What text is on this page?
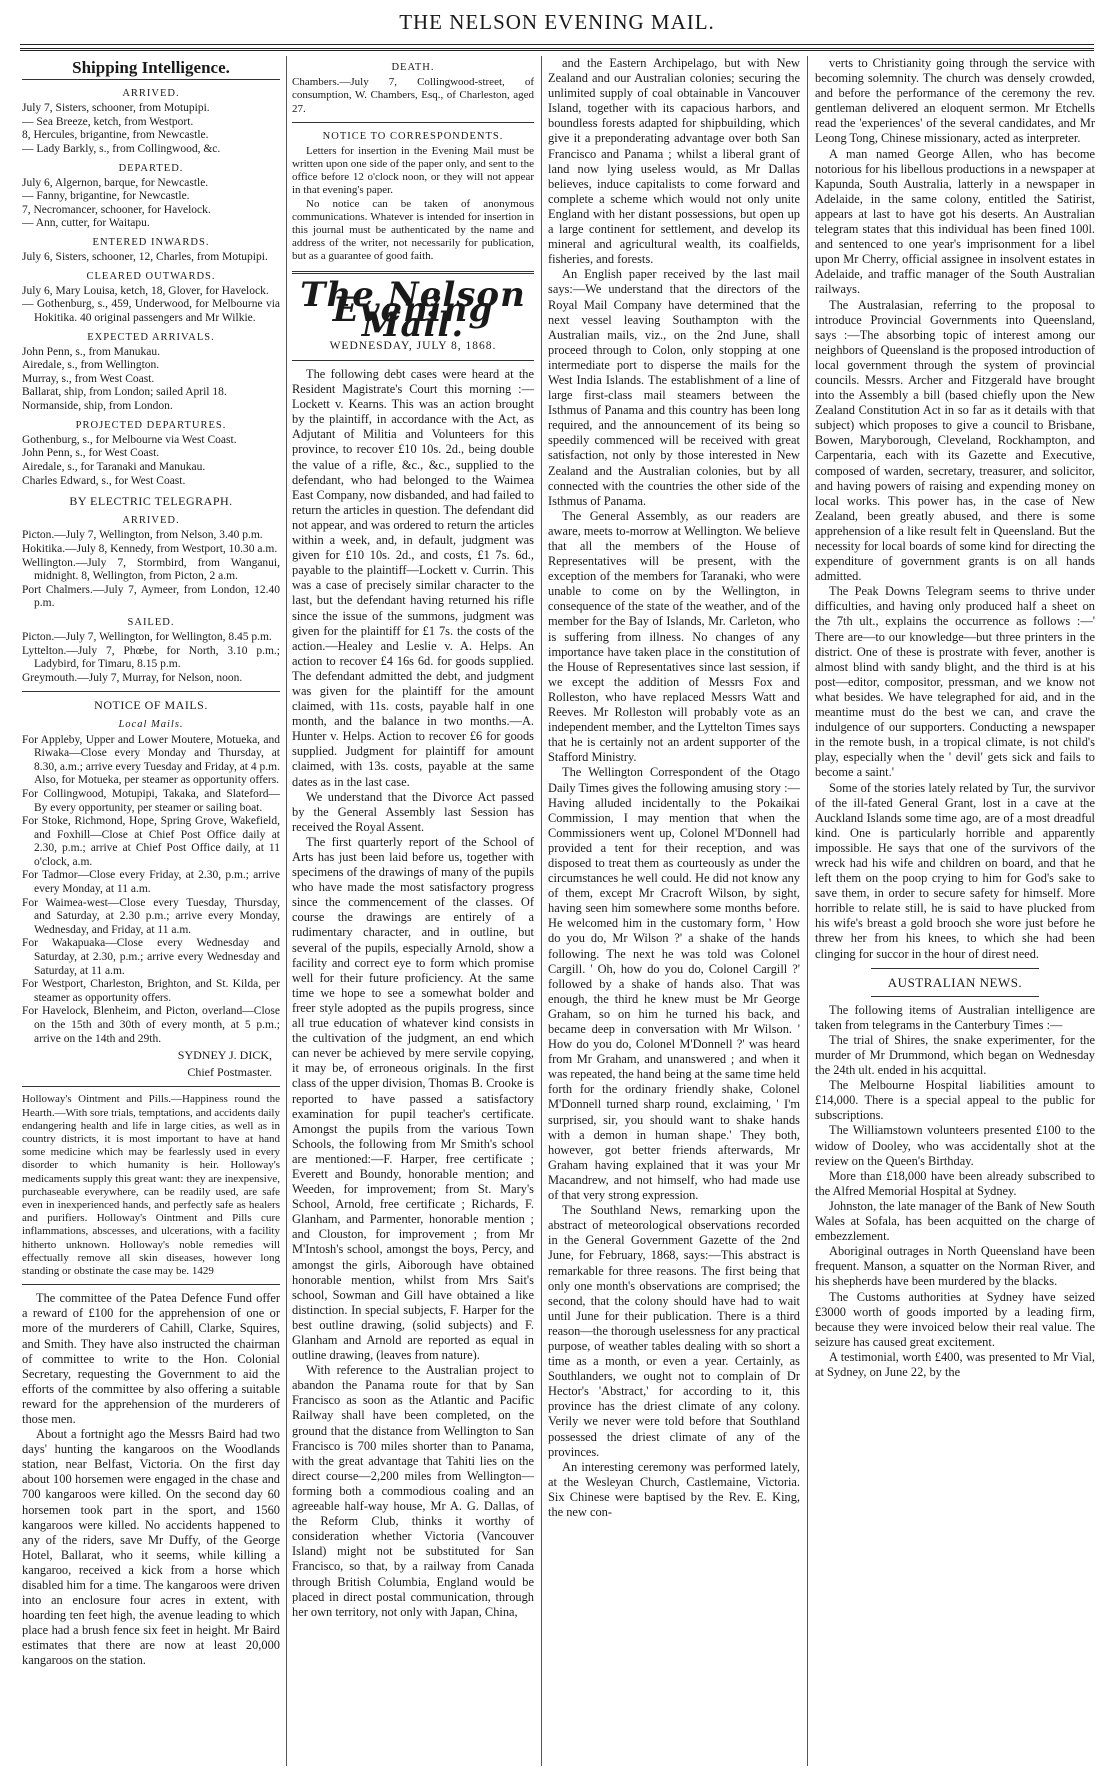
THE NELSON EVENING MAIL.
Shipping Intelligence.
ARRIVED.
July 7, Sisters, schooner, from Motupipi.
— Sea Breeze, ketch, from Westport.
8, Hercules, brigantine, from Newcastle.
— Lady Barkly, s., from Collingwood, &c.
DEPARTED.
July 6, Algernon, barque, for Newcastle.
— Fanny, brigantine, for Newcastle.
7, Necromancer, schooner, for Havelock.
— Ann, cutter, for Waitapu.
ENTERED INWARDS.
July 6, Sisters, schooner, 12, Charles, from Motupipi.
CLEARED OUTWARDS.
July 6, Mary Louisa, ketch, 18, Glover, for Havelock.
— Gothenburg, s., 459, Underwood, for Melbourne via Hokitika. 40 original passengers and Mr Wilkie.
EXPECTED ARRIVALS.
John Penn, s., from Manukau.
Airedale, s., from Wellington.
Murray, s., from West Coast.
Ballarat, ship, from London; sailed April 18.
Normanside, ship, from London.
PROJECTED DEPARTURES.
Gothenburg, s., for Melbourne via West Coast.
John Penn, s., for West Coast.
Airedale, s., for Taranaki and Manukau.
Charles Edward, s., for West Coast.
BY ELECTRIC TELEGRAPH.
ARRIVED.
Picton.—July 7, Wellington, from Nelson, 3.40 p.m.
Hokitika.—July 8, Kennedy, from Westport, 10.30 a.m.
Wellington.—July 7, Stormbird, from Wanganui, midnight. 8, Wellington, from Picton, 2 a.m.
Port Chalmers.—July 7, Aymeer, from London, 12.40 p.m.
SAILED.
Picton.—July 7, Wellington, for Wellington, 8.45 p.m.
Lyttelton.—July 7, Phœbe, for North, 3.10 p.m.; Ladybird, for Timaru, 8.15 p.m.
Greymouth.—July 7, Murray, for Nelson, noon.
NOTICE OF MAILS.
Local Mails.
For Appleby, Upper and Lower Moutere, Motueka, and Riwaka—Close every Monday and Thursday, at 8.30, a.m.; arrive every Tuesday and Friday, at 4 p.m. Also, for Motueka, per steamer as opportunity offers.
For Collingwood, Motupipi, Takaka, and Slateford—By every opportunity, per steamer or sailing boat.
For Stoke, Richmond, Hope, Spring Grove, Wakefield, and Foxhill—Close at Chief Post Office daily at 2.30, p.m.; arrive at Chief Post Office daily, at 11 o'clock, a.m.
For Tadmor—Close every Friday, at 2.30, p.m.; arrive every Monday, at 11 a.m.
For Waimea-west—Close every Tuesday, Thursday, and Saturday, at 2.30 p.m.; arrive every Monday, Wednesday, and Friday, at 11 a.m.
For Wakapuaka—Close every Wednesday and Saturday, at 2.30, p.m.; arrive every Wednesday and Saturday, at 11 a.m.
For Westport, Charleston, Brighton, and St. Kilda, per steamer as opportunity offers.
For Havelock, Blenheim, and Picton, overland—Close on the 15th and 30th of every month, at 5 p.m.; arrive on the 14th and 29th.
SYDNEY J. DICK,
Chief Postmaster.

Holloway's Ointment and Pills.—Happiness round the Hearth.—With sore trials, temptations, and accidents daily endangering health and life in large cities, as well as in country districts, it is most important to have at hand some medicine which may be fearlessly used in every disorder to which humanity is heir. Holloway's medicaments supply this great want: they are inexpensive, purchaseable everywhere, can be readily used, are safe even in inexperienced hands, and perfectly safe as healers and purifiers. Holloway's Ointment and Pills cure inflammations, abscesses, and ulcerations, with a facility hitherto unknown. Holloway's noble remedies will effectually remove all skin diseases, however long standing or obstinate the case may be. 1429

The committee of the Patea Defence Fund offer a reward of £100 for the apprehension of one or more of the murderers of Cahill, Clarke, Squires, and Smith. They have also instructed the chairman of committee to write to the Hon. Colonial Secretary, requesting the Government to aid the efforts of the committee by also offering a suitable reward for the apprehension of the murderers of those men.

About a fortnight ago the Messrs Baird had two days' hunting the kangaroos on the Woodlands station, near Belfast, Victoria. On the first day about 100 horsemen were engaged in the chase and 700 kangaroos were killed. On the second day 60 horsemen took part in the sport, and 1560 kangaroos were killed. No accidents happened to any of the riders, save Mr Duffy, of the George Hotel, Ballarat, who it seems, while killing a kangaroo, received a kick from a horse which disabled him for a time. The kangaroos were driven into an enclosure four acres in extent, with hoarding ten feet high, the avenue leading to which place had a brush fence six feet in height. Mr Baird estimates that there are now at least 20,000 kangaroos on the station.

DEATH.
Chambers.—July 7, Collingwood-street, of consumption, W. Chambers, Esq., of Charleston, aged 27.
NOTICE TO CORRESPONDENTS.

Letters for insertion in the Evening Mail must be written upon one side of the paper only, and sent to the office before 12 o'clock noon, or they will not appear in that evening's paper.

No notice can be taken of anonymous communications. Whatever is intended for insertion in this journal must be authenticated by the name and address of the writer, not necessarily for publication, but as a guarantee of good faith.

The Nelson Evening Mail.
WEDNESDAY, JULY 8, 1868.

The following debt cases were heard at the Resident Magistrate's Court this morning :—Lockett v. Kearns. This was an action brought by the plaintiff, in accordance with the Act, as Adjutant of Militia and Volunteers for this province, to recover £10 10s. 2d., being double the value of a rifle, &c., &c., supplied to the defendant, who had belonged to the Waimea East Company, now disbanded, and had failed to return the articles in question. The defendant did not appear, and was ordered to return the articles within a week, and, in default, judgment was given for £10 10s. 2d., and costs, £1 7s. 6d., payable to the plaintiff—Lockett v. Currin. This was a case of precisely similar character to the last, but the defendant having returned his rifle since the issue of the summons, judgment was given for the plaintiff for £1 7s. the costs of the action.—Healey and Leslie v. A. Helps. An action to recover £4 16s 6d. for goods supplied. The defendant admitted the debt, and judgment was given for the plaintiff for the amount claimed, with 11s. costs, payable half in one month, and the balance in two months.—A. Hunter v. Helps. Action to recover £6 for goods supplied. Judgment for plaintiff for amount claimed, with 13s. costs, payable at the same dates as in the last case.

We understand that the Divorce Act passed by the General Assembly last Session has received the Royal Assent.

The first quarterly report of the School of Arts has just been laid before us, together with specimens of the drawings of many of the pupils who have made the most satisfactory progress since the commencement of the classes. Of course the drawings are entirely of a rudimentary character, and in outline, but several of the pupils, especially Arnold, show a facility and correct eye to form which promise well for their future proficiency. At the same time we hope to see a somewhat bolder and freer style adopted as the pupils progress, since all true education of whatever kind consists in the cultivation of the judgment, an end which can never be achieved by mere servile copying, it may be, of erroneous originals. In the first class of the upper division, Thomas B. Crooke is reported to have passed a satisfactory examination for pupil teacher's certificate. Amongst the pupils from the various Town Schools, the following from Mr Smith's school are mentioned:—F. Harper, free certificate ; Everett and Boundy, honorable mention; and Weeden, for improvement; from St. Mary's School, Arnold, free certificate ; Richards, F. Glanham, and Parmenter, honorable mention ; and Clouston, for improvement ; from Mr M'Intosh's school, amongst the boys, Percy, and amongst the girls, Aiborough have obtained honorable mention, whilst from Mrs Sait's school, Sowman and Gill have obtained a like distinction. In special subjects, F. Harper for the best outline drawing, (solid subjects) and F. Glanham and Arnold are reported as equal in outline drawing, (leaves from nature).

With reference to the Australian project to abandon the Panama route for that by San Francisco as soon as the Atlantic and Pacific Railway shall have been completed, on the ground that the distance from Wellington to San Francisco is 700 miles shorter than to Panama, with the great advantage that Tahiti lies on the direct course—2,200 miles from Wellington—forming both a commodious coaling and an agreeable half-way house, Mr A. G. Dallas, of the Reform Club, thinks it worthy of consideration whether Victoria (Vancouver Island) might not be substituted for San Francisco, so that, by a railway from Canada through British Columbia, England would be placed in direct postal communication, through her own territory, not only with Japan, China,

and the Eastern Archipelago, but with New Zealand and our Australian colonies; securing the unlimited supply of coal obtainable in Vancouver Island, together with its capacious harbors, and boundless forests adapted for shipbuilding, which give it a preponderating advantage over both San Francisco and Panama ; whilst a liberal grant of land now lying useless would, as Mr Dallas believes, induce capitalists to come forward and complete a scheme which would not only unite England with her distant possessions, but open up a large continent for settlement, and develop its mineral and agricultural wealth, its coalfields, fisheries, and forests.

An English paper received by the last mail says:—We understand that the directors of the Royal Mail Company have determined that the next vessel leaving Southampton with the Australian mails, viz., on the 2nd June, shall proceed through to Colon, only stopping at one intermediate port to disperse the mails for the West India Islands. The establishment of a line of large first-class mail steamers between the Isthmus of Panama and this country has been long required, and the announcement of its being so speedily commenced will be received with great satisfaction, not only by those interested in New Zealand and the Australian colonies, but by all connected with the countries the other side of the Isthmus of Panama.

The General Assembly, as our readers are aware, meets to-morrow at Wellington. We believe that all the members of the House of Representatives will be present, with the exception of the members for Taranaki, who were unable to come on by the Wellington, in consequence of the state of the weather, and of the member for the Bay of Islands, Mr. Carleton, who is suffering from illness. No changes of any importance have taken place in the constitution of the House of Representatives since last session, if we except the addition of Messrs Fox and Rolleston, who have replaced Messrs Watt and Reeves. Mr Rolleston will probably vote as an independent member, and the Lyttelton Times says that he is certainly not an ardent supporter of the Stafford Ministry.

The Wellington Correspondent of the Otago Daily Times gives the following amusing story :—Having alluded incidentally to the Pokaikai Commission, I may mention that when the Commissioners went up, Colonel M'Donnell had provided a tent for their reception, and was disposed to treat them as courteously as under the circumstances he well could. He did not know any of them, except Mr Cracroft Wilson, by sight, having seen him somewhere some months before. He welcomed him in the customary form, ' How do you do, Mr Wilson ?' a shake of the hands following. The next he was told was Colonel Cargill. ' Oh, how do you do, Colonel Cargill ?' followed by a shake of hands also. That was enough, the third he knew must be Mr George Graham, so on him he turned his back, and became deep in conversation with Mr Wilson. ' How do you do, Colonel M'Donnell ?' was heard from Mr Graham, and unanswered ; and when it was repeated, the hand being at the same time held forth for the ordinary friendly shake, Colonel M'Donnell turned sharp round, exclaiming, ' I'm surprised, sir, you should want to shake hands with a demon in human shape.' They both, however, got better friends afterwards, Mr Graham having explained that it was your Mr Macandrew, and not himself, who had made use of that very strong expression.

The Southland News, remarking upon the abstract of meteorological observations recorded in the General Government Gazette of the 2nd June, for February, 1868, says:—This abstract is remarkable for three reasons. The first being that only one month's observations are comprised; the second, that the colony should have had to wait until June for their publication. There is a third reason—the thorough uselessness for any practical purpose, of weather tables dealing with so short a time as a month, or even a year. Certainly, as Southlanders, we ought not to complain of Dr Hector's 'Abstract,' for according to it, this province has the driest climate of any colony. Verily we never were told before that Southland possessed the driest climate of any of the provinces.

An interesting ceremony was performed lately, at the Wesleyan Church, Castlemaine, Victoria. Six Chinese were baptised by the Rev. E. King, the new con-

verts to Christianity going through the service with becoming solemnity. The church was densely crowded, and before the performance of the ceremony the rev. gentleman delivered an eloquent sermon. Mr Etchells read the 'experiences' of the several candidates, and Mr Leong Tong, Chinese missionary, acted as interpreter.

A man named George Allen, who has become notorious for his libellous productions in a newspaper at Kapunda, South Australia, latterly in a newspaper in Adelaide, in the same colony, entitled the Satirist, appears at last to have got his deserts. An Australian telegram states that this individual has been fined 100l. and sentenced to one year's imprisonment for a libel upon Mr Cherry, official assignee in insolvent estates in Adelaide, and traffic manager of the South Australian railways.

The Australasian, referring to the proposal to introduce Provincial Governments into Queensland, says :—The absorbing topic of interest among our neighbors of Queensland is the proposed introduction of local government through the system of provincial councils. Messrs. Archer and Fitzgerald have brought into the Assembly a bill (based chiefly upon the New Zealand Constitution Act in so far as it details with that subject) which proposes to give a council to Brisbane, Bowen, Maryborough, Cleveland, Rockhampton, and Carpentaria, each with its Gazette and Executive, composed of warden, secretary, treasurer, and solicitor, and having powers of raising and expending money on local works. This power has, in the case of New Zealand, been greatly abused, and there is some apprehension of a like result felt in Queensland. But the necessity for local boards of some kind for directing the expenditure of government grants is on all hands admitted.

The Peak Downs Telegram seems to thrive under difficulties, and having only produced half a sheet on the 7th ult., explains the occurrence as follows :—' There are—to our knowledge—but three printers in the district. One of these is prostrate with fever, another is almost blind with sandy blight, and the third is at his post—editor, compositor, pressman, and we know not what besides. We have telegraphed for aid, and in the meantime must do the best we can, and crave the indulgence of our supporters. Conducting a newspaper in the remote bush, in a tropical climate, is not child's play, especially when the ' devil' gets sick and fails to become a saint.'

Some of the stories lately related by Tur, the survivor of the ill-fated General Grant, lost in a cave at the Auckland Islands some time ago, are of a most dreadful kind. One is particularly horrible and apparently impossible. He says that one of the survivors of the wreck had his wife and children on board, and that he left them on the poop crying to him for God's sake to save them, in order to secure safety for himself. More horrible to relate still, he is said to have plucked from his wife's breast a gold brooch she wore just before he threw her from his knees, to which she had been clinging for succor in the hour of direst need.

AUSTRALIAN NEWS.

The following items of Australian intelligence are taken from telegrams in the Canterbury Times :—

The trial of Shires, the snake experimenter, for the murder of Mr Drummond, which began on Wednesday the 24th ult. ended in his acquittal.

The Melbourne Hospital liabilities amount to £14,000. There is a special appeal to the public for subscriptions.

The Williamstown volunteers presented £100 to the widow of Dooley, who was accidentally shot at the review on the Queen's Birthday.

More than £18,000 have been already subscribed to the Alfred Memorial Hospital at Sydney.

Johnston, the late manager of the Bank of New South Wales at Sofala, has been acquitted on the charge of embezzlement.

Aboriginal outrages in North Queensland have been frequent. Manson, a squatter on the Norman River, and his shepherds have been murdered by the blacks.

The Customs authorities at Sydney have seized £3000 worth of goods imported by a leading firm, because they were invoiced below their real value. The seizure has caused great excitement.

A testimonial, worth £400, was presented to Mr Vial, at Sydney, on June 22, by the
